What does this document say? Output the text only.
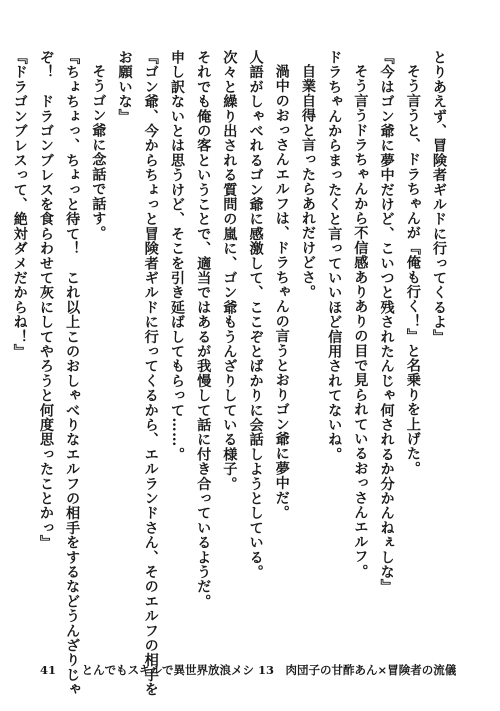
とりあえず、冒険者ギルドに行ってくるよ』
そう言うと、ドラちゃんが『俺も行く！』と名乗りを上げた。
『今はゴン爺に夢中だけど、こいつと残されたんじゃ何されるか分かんねぇしな』
そう言うドラちゃんから不信感ありありの目で見られているおっさんエルフ。
ドラちゃんからまったくと言っていいほど信用されてないね。
自業自得と言ったらあれだけどさ。
渦中のおっさんエルフは、ドラちゃんの言うとおりゴン爺に夢中だ。
人語がしゃべれるゴン爺に感激して、ここぞとばかりに会話しようとしている。
次々と繰り出される質問の嵐に、ゴン爺もうんざりしている様子。
それでも俺の客ということで、適当ではあるが我慢して話に付き合っているようだ。
申し訳ないとは思うけど、そこを引き延ばしてもらって……。
『ゴン爺、今からちょっと冒険者ギルドに行ってくるから、エルランドさん、そのエルフの相手を
お願いな』
そうゴン爺に念話で話す。
『ちょちょっ、ちょっと待て！　これ以上このおしゃべりなエルフの相手をするなどうんざりじゃ
ぞ！　ドラゴンブレスを食らわせて灰にしてやろうと何度思ったことかっ』
『ドラゴンブレスって、絶対ダメだからね！』
41 とんでもスキルで異世界放浪メシ 13　肉団子の甘酢あん×冒険者の流儀
